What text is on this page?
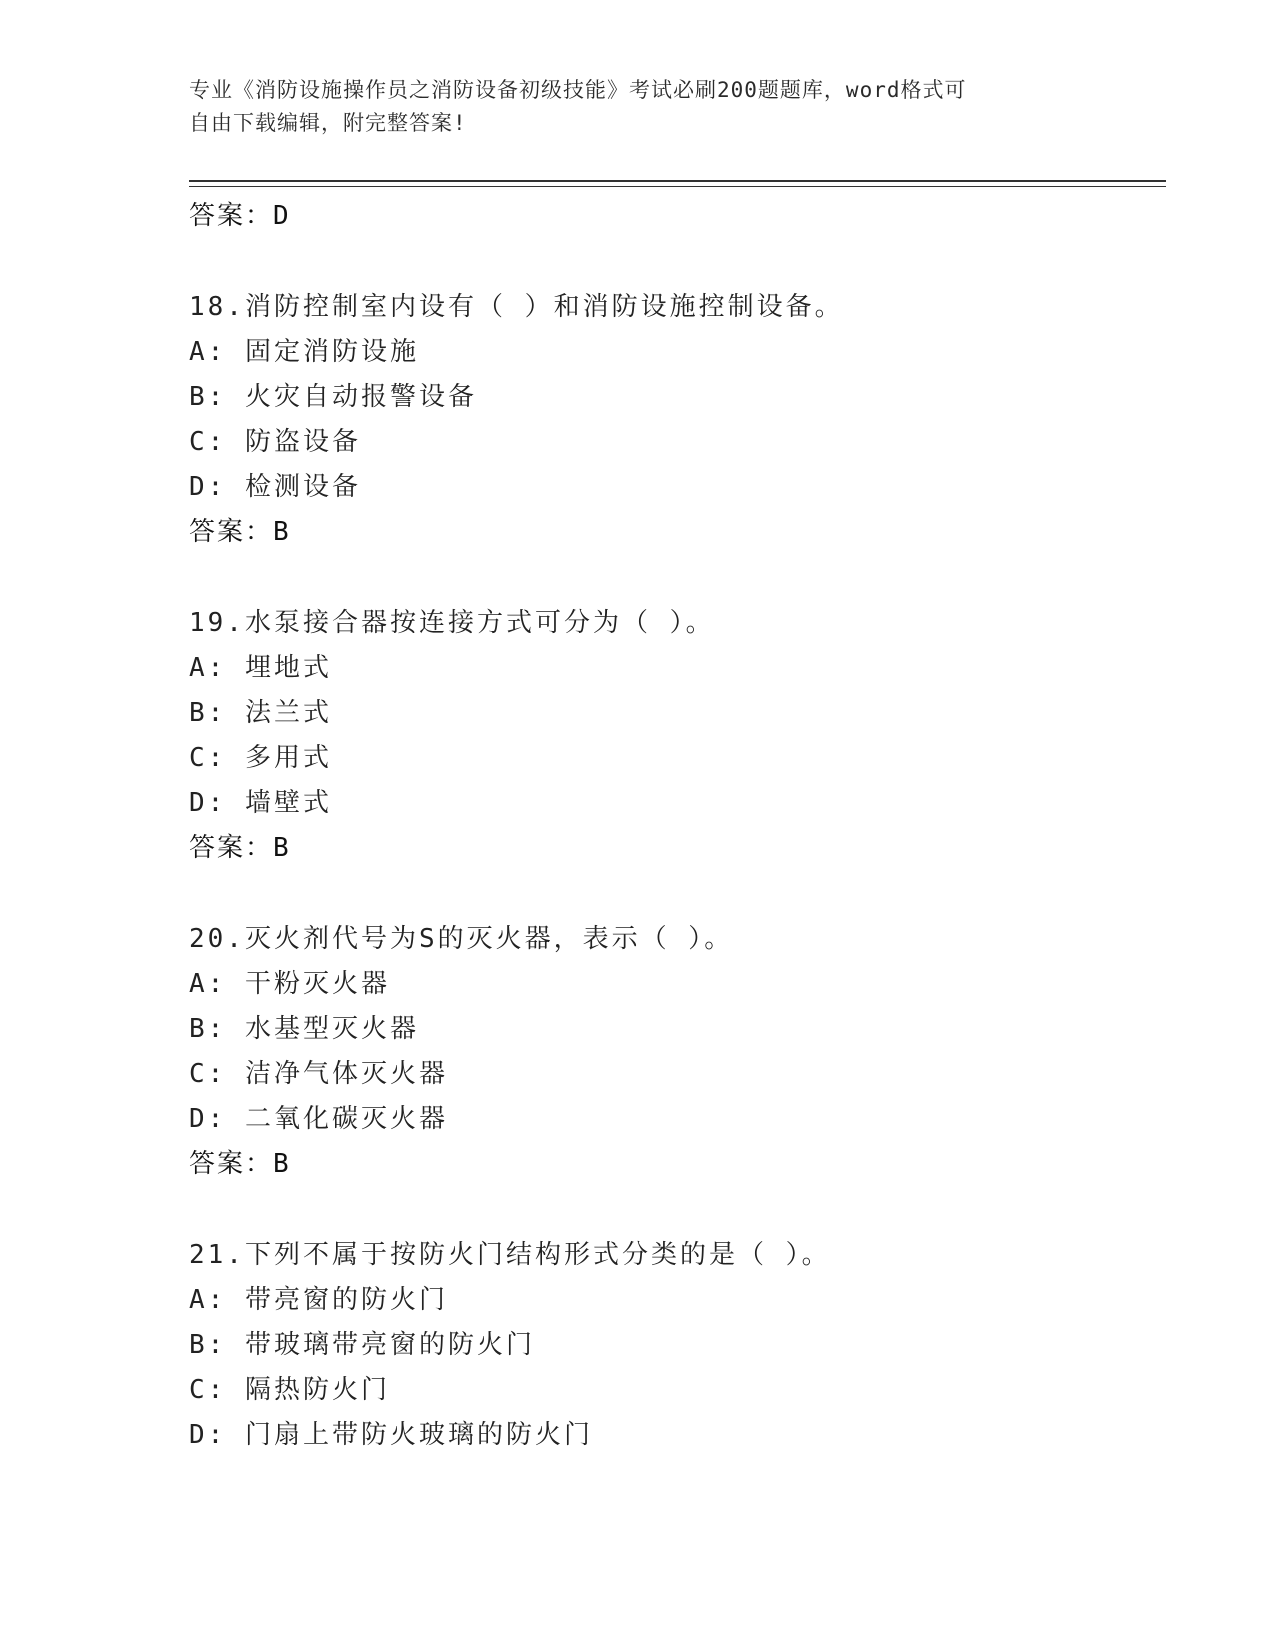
专业《消防设施操作员之消防设备初级技能》考试必刷200题题库，word格式可
自由下载编辑，附完整答案!
答案：D
18.消防控制室内设有（ ）和消防设施控制设备。
A: 固定消防设施
B: 火灾自动报警设备
C: 防盗设备
D: 检测设备
答案：B
19.水泵接合器按连接方式可分为（ ）。
A: 埋地式
B: 法兰式
C: 多用式
D: 墙壁式
答案：B
20.灭火剂代号为S的灭火器，表示（ ）。
A: 干粉灭火器
B: 水基型灭火器
C: 洁净气体灭火器
D: 二氧化碳灭火器
答案：B
21.下列不属于按防火门结构形式分类的是（ ）。
A: 带亮窗的防火门
B: 带玻璃带亮窗的防火门
C: 隔热防火门
D: 门扇上带防火玻璃的防火门
